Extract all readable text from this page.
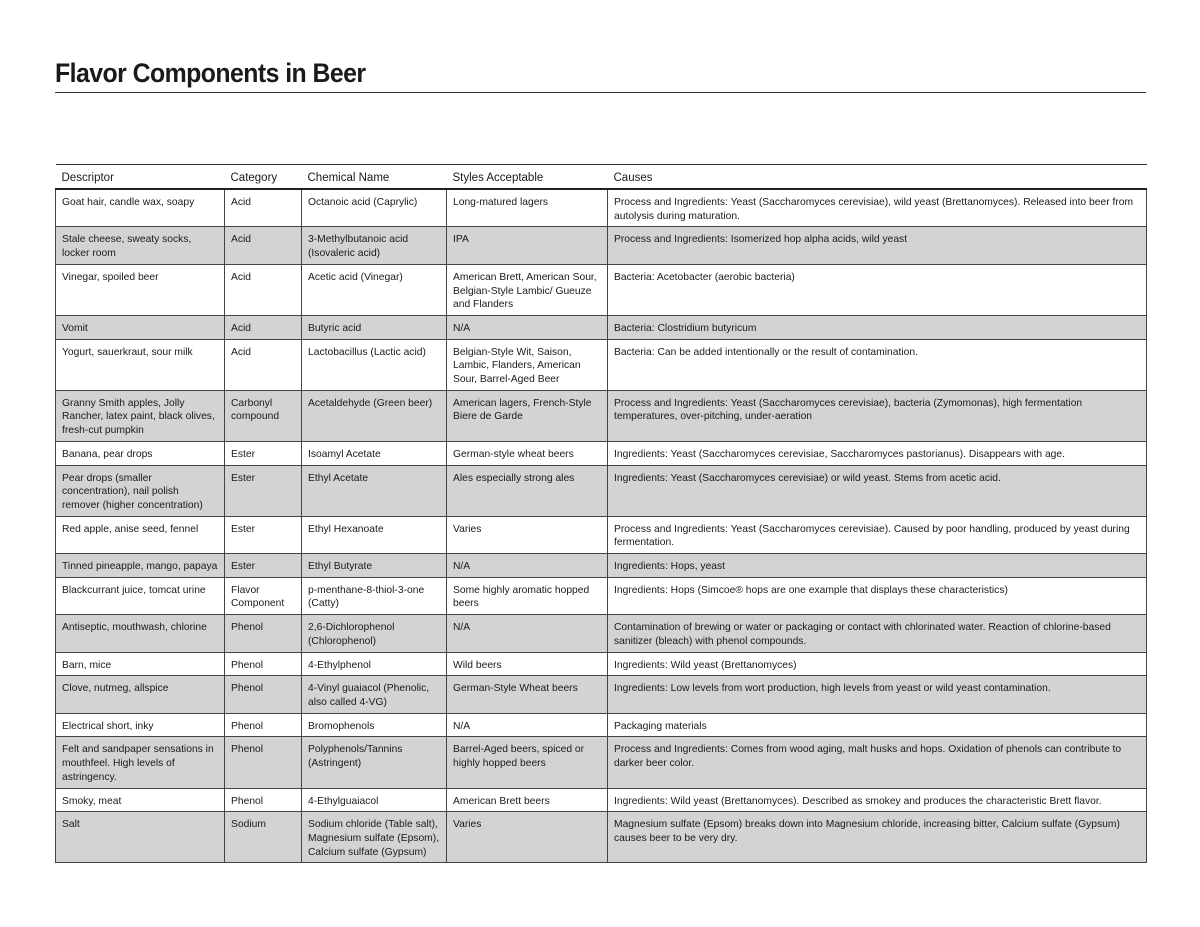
Flavor Components in Beer
Descriptor	Category	Chemical Name	Styles Acceptable	Causes
Goat hair, candle wax, soapy	Acid	Octanoic acid (Caprylic)	Long-matured lagers	Process and Ingredients: Yeast (Saccharomyces cerevisiae), wild yeast (Brettanomyces). Released into beer from autolysis during maturation.
Stale cheese, sweaty socks, locker room	Acid	3-Methylbutanoic acid (Isovaleric acid)	IPA	Process and Ingredients: Isomerized hop alpha acids, wild yeast
Vinegar, spoiled beer	Acid	Acetic acid (Vinegar)	American Brett, American Sour, Belgian-Style Lambic/ Gueuze and Flanders	Bacteria: Acetobacter (aerobic bacteria)
Vomit	Acid	Butyric acid	N/A	Bacteria: Clostridium butyricum
Yogurt, sauerkraut, sour milk	Acid	Lactobacillus (Lactic acid)	Belgian-Style Wit, Saison, Lambic, Flanders, American Sour, Barrel-Aged Beer	Bacteria: Can be added intentionally or the result of contamination.
Granny Smith apples, Jolly Rancher, latex paint, black olives, fresh-cut pumpkin	Carbonyl compound	Acetaldehyde (Green beer)	American lagers, French-Style Biere de Garde	Process and Ingredients: Yeast (Saccharomyces cerevisiae), bacteria (Zymomonas), high fermentation temperatures, over-pitching, under-aeration
Banana, pear drops	Ester	Isoamyl Acetate	German-style wheat beers	Ingredients: Yeast (Saccharomyces cerevisiae, Saccharomyces pastorianus). Disappears with age.
Pear drops (smaller concentration), nail polish remover (higher concentration)	Ester	Ethyl Acetate	Ales especially strong ales	Ingredients: Yeast (Saccharomyces cerevisiae) or wild yeast. Stems from acetic acid.
Red apple, anise seed, fennel	Ester	Ethyl Hexanoate	Varies	Process and Ingredients: Yeast (Saccharomyces cerevisiae). Caused by poor handling, produced by yeast during fermentation.
Tinned pineapple, mango, papaya	Ester	Ethyl Butyrate	N/A	Ingredients: Hops, yeast
Blackcurrant juice, tomcat urine	Flavor Component	p-menthane-8-thiol-3-one (Catty)	Some highly aromatic hopped beers	Ingredients: Hops (Simcoe® hops are one example that displays these characteristics)
Antiseptic, mouthwash, chlorine	Phenol	2,6-Dichlorophenol (Chlorophenol)	N/A	Contamination of brewing or water or packaging or contact with chlorinated water. Reaction of chlorine-based sanitizer (bleach) with phenol compounds.
Barn, mice	Phenol	4-Ethylphenol	Wild beers	Ingredients: Wild yeast (Brettanomyces)
Clove, nutmeg, allspice	Phenol	4-Vinyl guaiacol (Phenolic, also called 4-VG)	German-Style Wheat beers	Ingredients: Low levels from wort production, high levels from yeast or wild yeast contamination.
Electrical short, inky	Phenol	Bromophenols	N/A	Packaging materials
Felt and sandpaper sensations in mouthfeel. High levels of astringency.	Phenol	Polyphenols/Tannins (Astringent)	Barrel-Aged beers, spiced or highly hopped beers	Process and Ingredients: Comes from wood aging, malt husks and hops. Oxidation of phenols can contribute to darker beer color.
Smoky, meat	Phenol	4-Ethylguaiacol	American Brett beers	Ingredients: Wild yeast (Brettanomyces). Described as smokey and produces the characteristic Brett flavor.
Salt	Sodium	Sodium chloride (Table salt), Magnesium sulfate (Epsom), Calcium sulfate (Gypsum)	Varies	Magnesium sulfate (Epsom) breaks down into Magnesium chloride, increasing bitter, Calcium sulfate (Gypsum) causes beer to be very dry.
